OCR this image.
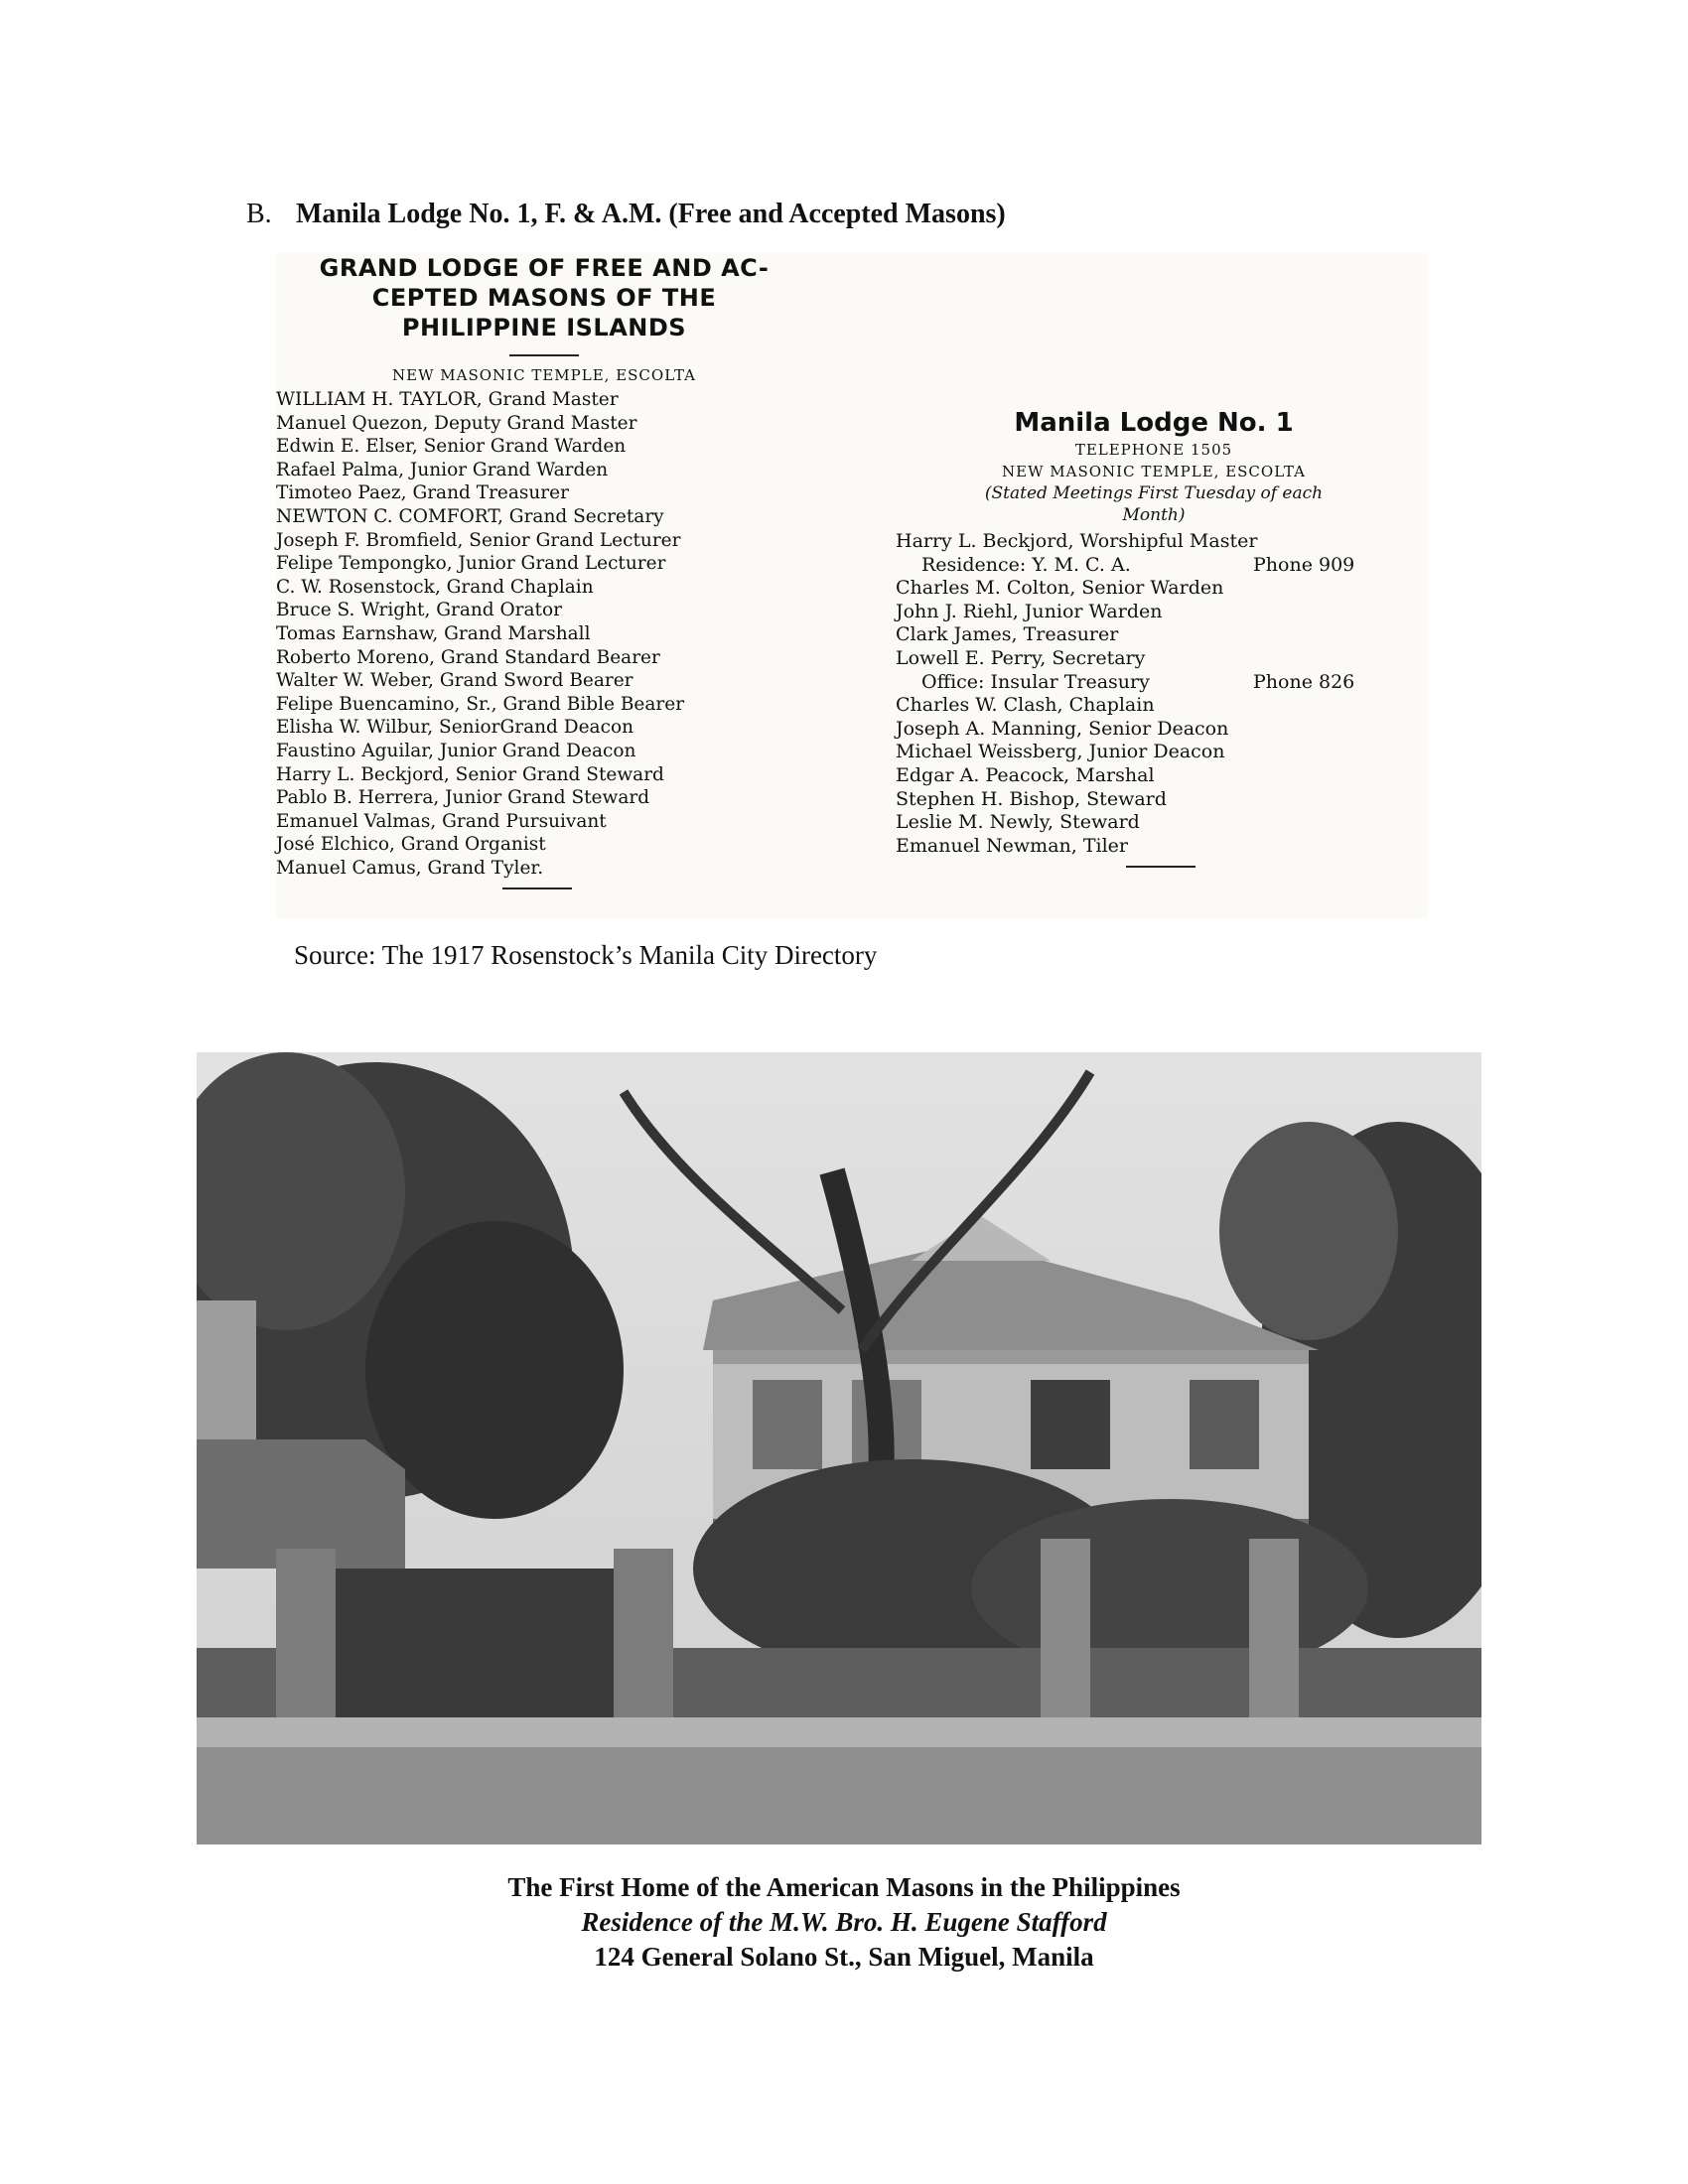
B. Manila Lodge No. 1, F. & A.M. (Free and Accepted Masons)
GRAND LODGE OF FREE AND AC-
CEPTED MASONS OF THE
PHILIPPINE ISLANDS
NEW MASONIC TEMPLE, ESCOLTA
WILLIAM H. TAYLOR, Grand Master
Manuel Quezon, Deputy Grand Master
Edwin E. Elser, Senior Grand Warden
Rafael Palma, Junior Grand Warden
Timoteo Paez, Grand Treasurer
NEWTON C. COMFORT, Grand Secretary
Joseph F. Bromfield, Senior Grand Lecturer
Felipe Tempongko, Junior Grand Lecturer
C. W. Rosenstock, Grand Chaplain
Bruce S. Wright, Grand Orator
Tomas Earnshaw, Grand Marshall
Roberto Moreno, Grand Standard Bearer
Walter W. Weber, Grand Sword Bearer
Felipe Buencamino, Sr., Grand Bible Bearer
Elisha W. Wilbur, SeniorGrand Deacon
Faustino Aguilar, Junior Grand Deacon
Harry L. Beckjord, Senior Grand Steward
Pablo B. Herrera, Junior Grand Steward
Emanuel Valmas, Grand Pursuivant
José Elchico, Grand Organist
Manuel Camus, Grand Tyler.
Manila Lodge No. 1
TELEPHONE 1505
NEW MASONIC TEMPLE, ESCOLTA
(Stated Meetings First Tuesday of each
Month)
Harry L. Beckjord, Worshipful Master
Residence: Y. M. C. A.	Phone 909
Charles M. Colton, Senior Warden
John J. Riehl, Junior Warden
Clark James, Treasurer
Lowell E. Perry, Secretary
Office: Insular Treasury	Phone 826
Charles W. Clash, Chaplain
Joseph A. Manning, Senior Deacon
Michael Weissberg, Junior Deacon
Edgar A. Peacock, Marshal
Stephen H. Bishop, Steward
Leslie M. Newly, Steward
Emanuel Newman, Tiler
Source: The 1917 Rosenstock’s Manila City Directory
The First Home of the American Masons in the Philippines
Residence of the M.W. Bro. H. Eugene Stafford
124 General Solano St., San Miguel, Manila
